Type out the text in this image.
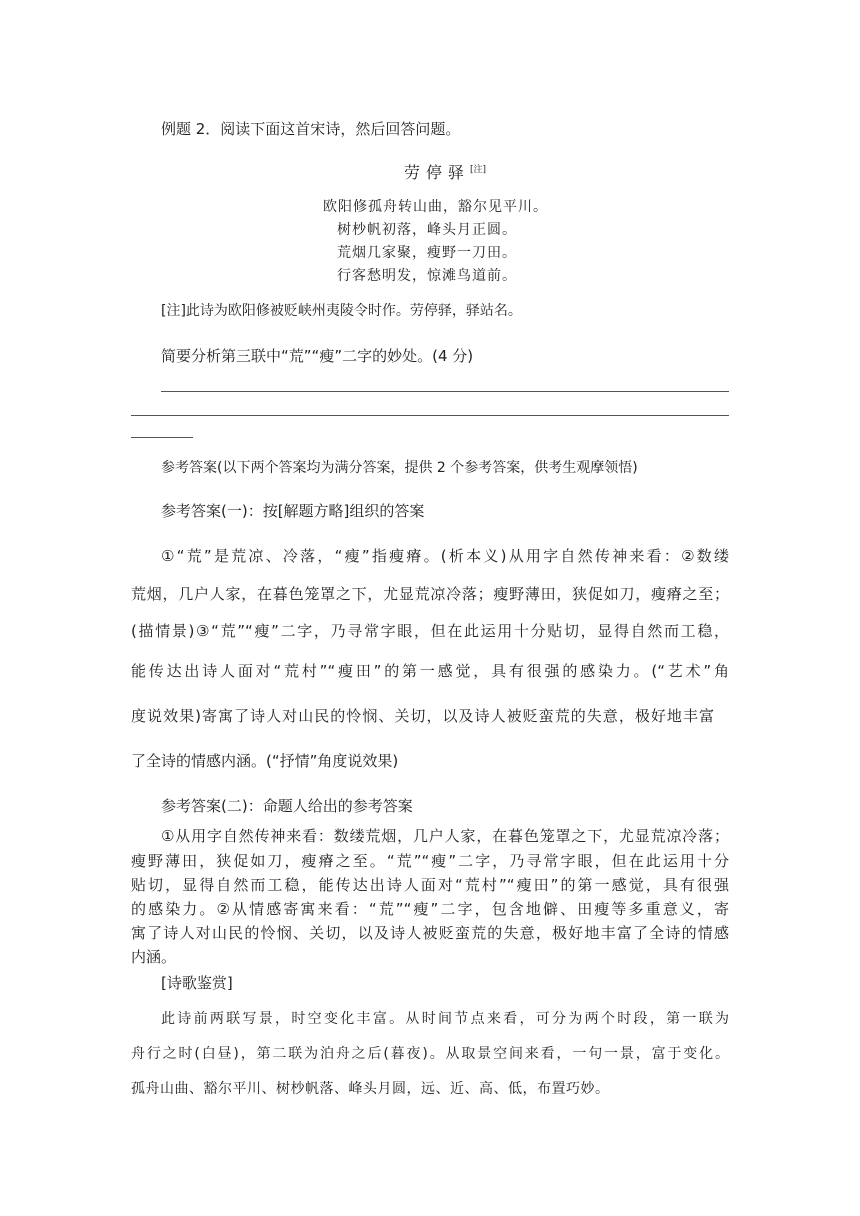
例题 2．阅读下面这首宋诗，然后回答问题。
劳停驿[注]
欧阳修孤舟转山曲，豁尔见平川。
树杪帆初落，峰头月正圆。
荒烟几家聚，瘦野一刀田。
行客愁明发，惊滩鸟道前。
[注]此诗为欧阳修被贬峡州夷陵令时作。劳停驿，驿站名。
简要分析第三联中“荒”“瘦”二字的妙处。(4 分)
参考答案(以下两个答案均为满分答案，提供 2 个参考答案，供考生观摩领悟)
参考答案(一)：按[解题方略]组织的答案
①“荒”是荒凉、冷落，“瘦”指瘦瘠。(析本义)从用字自然传神来看：②数缕
荒烟，几户人家，在暮色笼罩之下，尤显荒凉冷落；瘦野薄田，狭促如刀，瘦瘠之至；
(描情景)③“荒”“瘦”二字，乃寻常字眼，但在此运用十分贴切，显得自然而工稳，
能传达出诗人面对“荒村”“瘦田”的第一感觉，具有很强的感染力。(“艺术”角
度说效果)寄寓了诗人对山民的怜悯、关切，以及诗人被贬蛮荒的失意，极好地丰富
了全诗的情感内涵。(“抒情”角度说效果)
参考答案(二)：命题人给出的参考答案
①从用字自然传神来看：数缕荒烟，几户人家，在暮色笼罩之下，尤显荒凉冷落；
瘦野薄田，狭促如刀，瘦瘠之至。“荒”“瘦”二字，乃寻常字眼，但在此运用十分
贴切，显得自然而工稳，能传达出诗人面对“荒村”“瘦田”的第一感觉，具有很强
的感染力。②从情感寄寓来看：“荒”“瘦”二字，包含地僻、田瘦等多重意义，寄
寓了诗人对山民的怜悯、关切，以及诗人被贬蛮荒的失意，极好地丰富了全诗的情感
内涵。
[诗歌鉴赏]
此诗前两联写景，时空变化丰富。从时间节点来看，可分为两个时段，第一联为
舟行之时(白昼)，第二联为泊舟之后(暮夜)。从取景空间来看，一句一景，富于变化。
孤舟山曲、豁尔平川、树杪帆落、峰头月圆，远、近、高、低，布置巧妙。
